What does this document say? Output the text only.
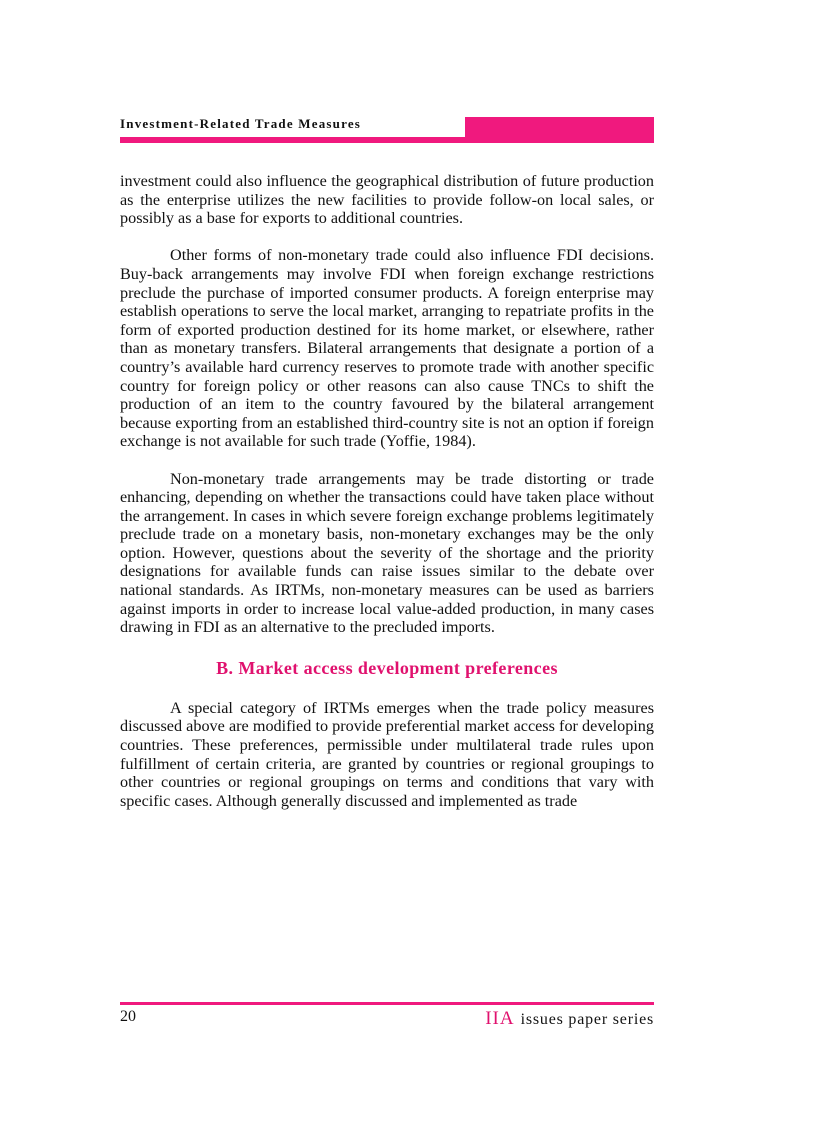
Investment-Related Trade Measures

investment could also influence the geographical distribution of future production as the enterprise utilizes the new facilities to provide follow-on local sales, or possibly as a base for exports to additional countries.

Other forms of non-monetary trade could also influence FDI decisions. Buy-back arrangements may involve FDI when foreign exchange restrictions preclude the purchase of imported consumer products. A foreign enterprise may establish operations to serve the local market, arranging to repatriate profits in the form of exported production destined for its home market, or elsewhere, rather than as monetary transfers. Bilateral arrangements that designate a portion of a country’s available hard currency reserves to promote trade with another specific country for foreign policy or other reasons can also cause TNCs to shift the production of an item to the country favoured by the bilateral arrangement because exporting from an established third-country site is not an option if foreign exchange is not available for such trade (Yoffie, 1984).

Non-monetary trade arrangements may be trade distorting or trade enhancing, depending on whether the transactions could have taken place without the arrangement. In cases in which severe foreign exchange problems legitimately preclude trade on a monetary basis, non-monetary exchanges may be the only option. However, questions about the severity of the shortage and the priority designations for available funds can raise issues similar to the debate over national standards. As IRTMs, non-monetary measures can be used as barriers against imports in order to increase local value-added production, in many cases drawing in FDI as an alternative to the precluded imports.

B. Market access development preferences

A special category of IRTMs emerges when the trade policy measures discussed above are modified to provide preferential market access for developing countries. These preferences, permissible under multilateral trade rules upon fulfillment of certain criteria, are granted by countries or regional groupings to other countries or regional groupings on terms and conditions that vary with specific cases. Although generally discussed and implemented as trade

20	IIA issues paper series
